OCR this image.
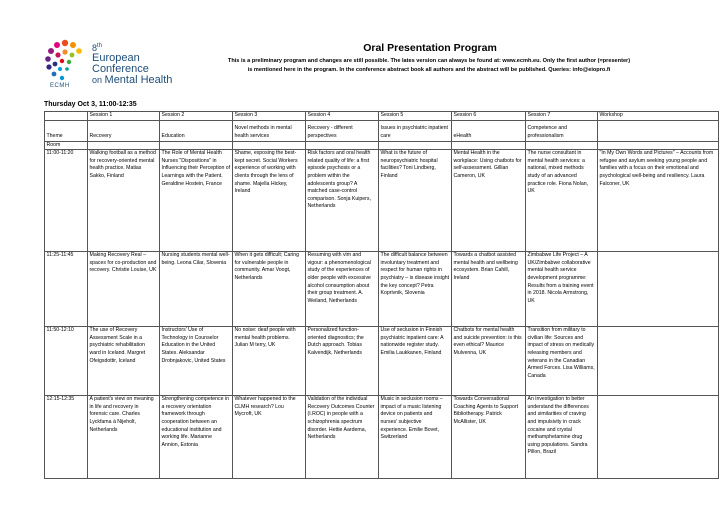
8th
European Conference
on Mental Health
ECMH
Oral Presentation Program
This is a preliminary program and changes are still possible. The lates version can always be found at: www.ecmh.eu. Only the first author (=presenter) is mentioned here in the program. In the conference abstract book all authors and the abstract will be published. Queries: info@eiopro.fi
Thursday Oct 3, 11:00-12:35
	Session 1	Session 2	Session 3	Session 4	Session 5	Session 6	Session 7	Workshop
Theme	Recovery	Education	Novel methods in mental health services	Recovery - different perspectives	Issues in psychiatric inpatient care	eHealth	Competence and professionalism	
Room								
11:00-11:20	Walking football as a method for recovery-oriented mental health practice. Matias Sakko, Finland	The Role of Mental Health Nurses "Dispositions" in Influencing their Perception of Learnings with the Patient. Geraldine Hostein, France	Shame, exposing the best-kept secret. Social Workers experience of working with clients through the lens of shame. Majella Hickey, Ireland	Risk factors and oral health related quality of life: a first episode psychosis or a problem within the adolescents group? A matched case-control comparison. Sonja Kuipers, Netherlands	What is the future of neuropsychiatric hospital facilities? Toni Lindberg, Finland	Mental Health in the workplace: Using chatbots for self-assessment. Gillian Cameron, UK	The nurse consultant in mental health services: a national, mixed methods study of an advanced practice role. Fiona Nolan, UK	"In My Own Words and Pictures" – Accounts from refugee and asylum seeking young people and families with a focus on their emotional and psychological well-being and resiliency. Laura Falconer, UK
11:25-11:45	Making Recovery Real – spaces for co-production and recovery. Christie Louise, UK	Nursing students mental well-being. Leona Cilar, Slovenia	When it gets difficult; Caring for vulnerable people in community. Amar Voogt, Netherlands	Resuming with vim and vigour: a phenomenological study of the experiences of older people with excessive alcohol consumption about their group treatment. A. Weiland, Netherlands	The difficult balance between involuntary treatment and respect for human rights in psychiatry – is disease insight the key concept? Petra Koprivnik, Slovenia	Towards a chatbot assisted mental health and wellbeing ecosystem. Brian Cahill, Ireland	Zimbabwe Life Project – A UK/Zimbabwe collaborative mental health service development programme: Results from a training event in 2018. Nicola Armstrong, UK	
11:50-12:10	The use of Recovery Assessment Scale in a psychiatric rehabilitation ward in Iceland. Margret Ofeigsdottir, Iceland	Instructors' Use of Technology in Counselor Education in the United States. Aleksandar Drobnjakovic, United States	No noise: deaf people with mental health problems. Julian M terry, UK	Personalized function-oriented diagnostics; the Dutch approach. Tobias Kalvendijk, Netherlands	Use of seclusion in Finnish psychiatric inpatient care: A nationwide register study. Emilia Laukkanen, Finland	Chatbots for mental health and suicide prevention: is this even ethical? Maurice Mulvenna, UK	Transition from military to civilian life: Sources and impact of stress on medically releasing members and veterans in the Canadian Armed Forces. Lisa Williams, Canada	
12:15-12:35	A patient's view on meaning in life and recovery in forensic care. Charles Lyckfama à Nijeholt, Netherlands	Strengthening competence in a recovery orientation framework through cooperation between an educational institution and working life. Marianne Annion, Estonia	Whatever happened to the CLMH research? Lou Mycroft, UK	Validation of the individual Recovery Outcomes Counter (I.ROC) in people with a schizophrenia spectrum disorder. Hettie Aardema, Netherlands	Music in seclusion rooms – impact of a music listening device on patients and nurses' subjective experience. Emilie Bovet, Switzerland	Towards Conversational Coaching Agents to Support Bibliotherapy. Patrick McAllister, UK	An investigation to better understand the differences and similarities of craving and impulsivity in crack cocaine and crystal methamphetamine drug using populations. Sandra Pillon, Brazil	
